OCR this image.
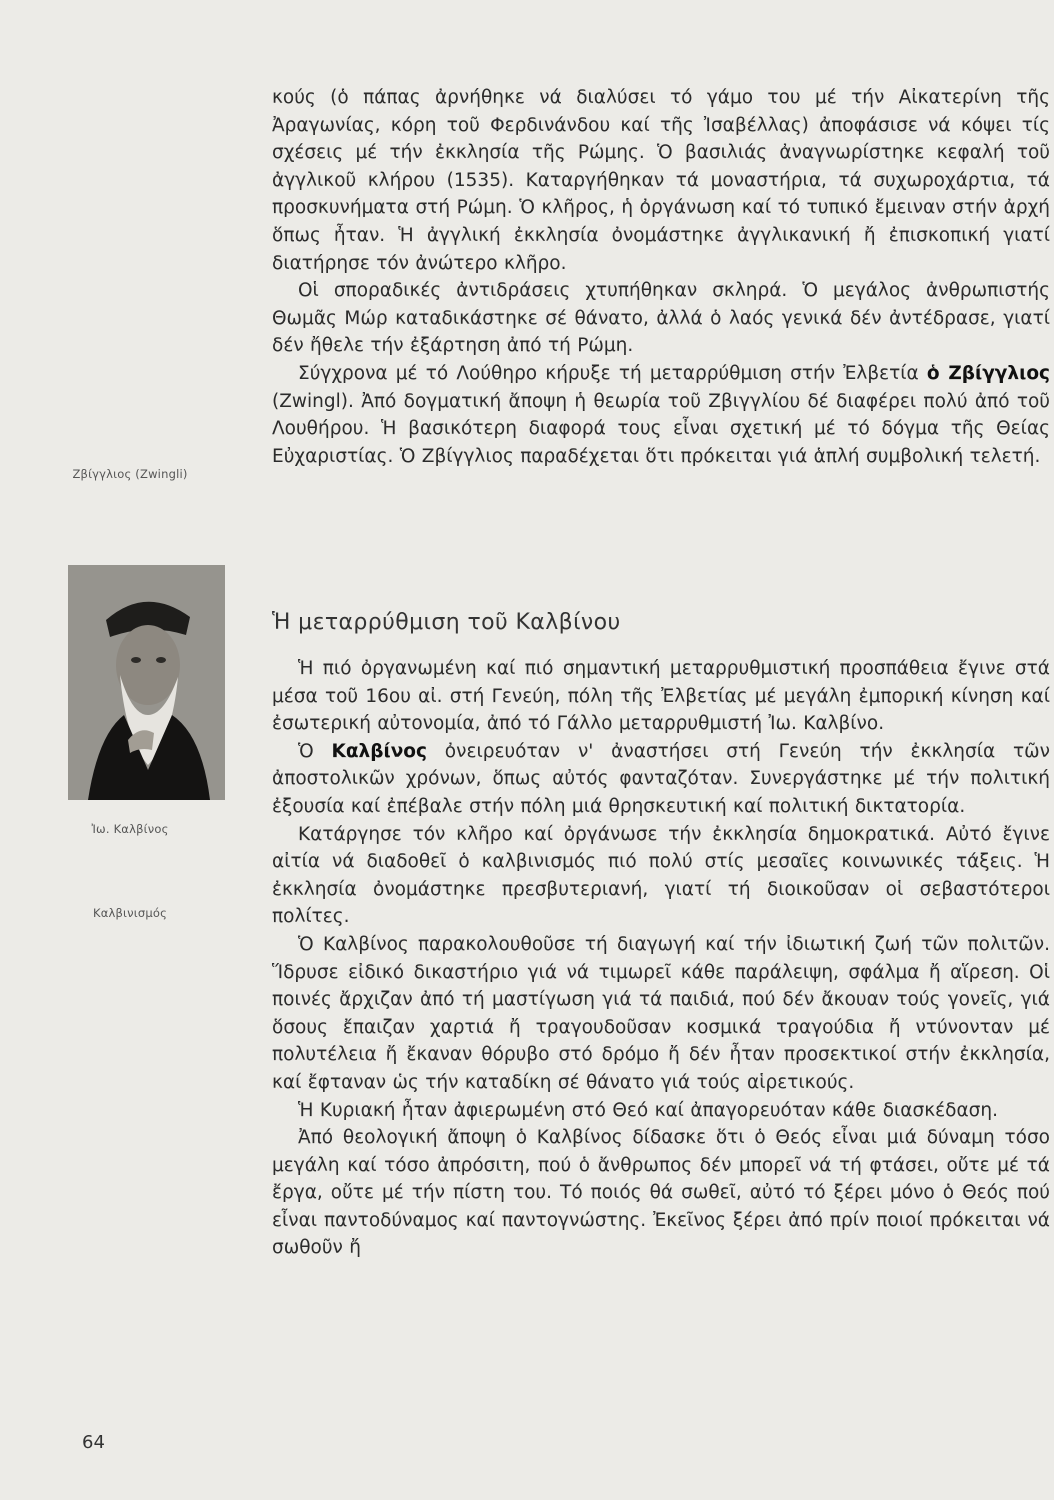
Ζβίγγλιος (Zwingli)
Ἰω. Καλβίνος
Καλβινισμός

κούς (ὁ πάπας ἀρνήθηκε νά διαλύσει τό γάμο του μέ τήν Αἰκατερίνη τῆς Ἀραγωνίας, κόρη τοῦ Φερδινάνδου καί τῆς Ἰσαβέλλας) ἀποφάσισε νά κόψει τίς σχέσεις μέ τήν ἐκκλησία τῆς Ρώμης. Ὁ βασιλιάς ἀναγνωρίστηκε κεφαλή τοῦ ἀγγλικοῦ κλήρου (1535). Καταργήθηκαν τά μοναστήρια, τά συχωροχάρτια, τά προσκυνήματα στή Ρώμη. Ὁ κλῆρος, ἡ ὀργάνωση καί τό τυπικό ἔμειναν στήν ἀρχή ὅπως ἦταν. Ἡ ἀγγλική ἐκκλησία ὀνομάστηκε ἀγγλικανική ἤ ἐπισκοπική γιατί διατήρησε τόν ἀνώτερο κλῆρο.

Οἱ σποραδικές ἀντιδράσεις χτυπήθηκαν σκληρά. Ὁ μεγάλος ἀνθρωπιστής Θωμᾶς Μώρ καταδικάστηκε σέ θάνατο, ἀλλά ὁ λαός γενικά δέν ἀντέδρασε, γιατί δέν ἤθελε τήν ἐξάρτηση ἀπό τή Ρώμη.

Σύγχρονα μέ τό Λούθηρο κήρυξε τή μεταρρύθμιση στήν Ἐλβετία ὁ Ζβίγγλιος (Zwingl). Ἀπό δογματική ἄποψη ἡ θεωρία τοῦ Ζβιγγλίου δέ διαφέρει πολύ ἀπό τοῦ Λουθήρου. Ἡ βασικότερη διαφορά τους εἶναι σχετική μέ τό δόγμα τῆς Θείας Εὐχαριστίας. Ὁ Ζβίγγλιος παραδέχεται ὅτι πρόκειται γιά ἁπλή συμβολική τελετή.

Ἡ μεταρρύθμιση τοῦ Καλβίνου

Ἡ πιό ὀργανωμένη καί πιό σημαντική μεταρρυθμιστική προσπάθεια ἔγινε στά μέσα τοῦ 16ου αἰ. στή Γενεύη, πόλη τῆς Ἐλβετίας μέ μεγάλη ἐμπορική κίνηση καί ἐσωτερική αὐτονομία, ἀπό τό Γάλλο μεταρρυθμιστή Ἰω. Καλβίνο.

Ὁ Καλβίνος ὀνειρευόταν ν' ἀναστήσει στή Γενεύη τήν ἐκκλησία τῶν ἀποστολικῶν χρόνων, ὅπως αὐτός φανταζόταν. Συνεργάστηκε μέ τήν πολιτική ἐξουσία καί ἐπέβαλε στήν πόλη μιά θρησκευτική καί πολιτική δικτατορία.

Κατάργησε τόν κλῆρο καί ὀργάνωσε τήν ἐκκλησία δημοκρατικά. Αὐτό ἔγινε αἰτία νά διαδοθεῖ ὁ καλβινισμός πιό πολύ στίς μεσαῖες κοινωνικές τάξεις. Ἡ ἐκκλησία ὀνομάστηκε πρεσβυτεριανή, γιατί τή διοικοῦσαν οἱ σεβαστότεροι πολίτες.

Ὁ Καλβίνος παρακολουθοῦσε τή διαγωγή καί τήν ἰδιωτική ζωή τῶν πολιτῶν. Ἵδρυσε εἰδικό δικαστήριο γιά νά τιμωρεῖ κάθε παράλειψη, σφάλμα ἤ αἵρεση. Οἱ ποινές ἄρχιζαν ἀπό τή μαστίγωση γιά τά παιδιά, πού δέν ἄκουαν τούς γονεῖς, γιά ὅσους ἔπαιζαν χαρτιά ἤ τραγουδοῦσαν κοσμικά τραγούδια ἤ ντύνονταν μέ πολυτέλεια ἤ ἔκαναν θόρυβο στό δρόμο ἤ δέν ἦταν προσεκτικοί στήν ἐκκλησία, καί ἔφταναν ὡς τήν καταδίκη σέ θάνατο γιά τούς αἱρετικούς.

Ἡ Κυριακή ἦταν ἀφιερωμένη στό Θεό καί ἀπαγορευόταν κάθε διασκέδαση.

Ἀπό θεολογική ἄποψη ὁ Καλβίνος δίδασκε ὅτι ὁ Θεός εἶναι μιά δύναμη τόσο μεγάλη καί τόσο ἀπρόσιτη, πού ὁ ἄνθρωπος δέν μπορεῖ νά τή φτάσει, οὔτε μέ τά ἔργα, οὔτε μέ τήν πίστη του. Τό ποιός θά σωθεῖ, αὐτό τό ξέρει μόνο ὁ Θεός πού εἶναι παντοδύναμος καί παντογνώστης. Ἐκεῖνος ξέρει ἀπό πρίν ποιοί πρόκειται νά σωθοῦν ἤ

64
